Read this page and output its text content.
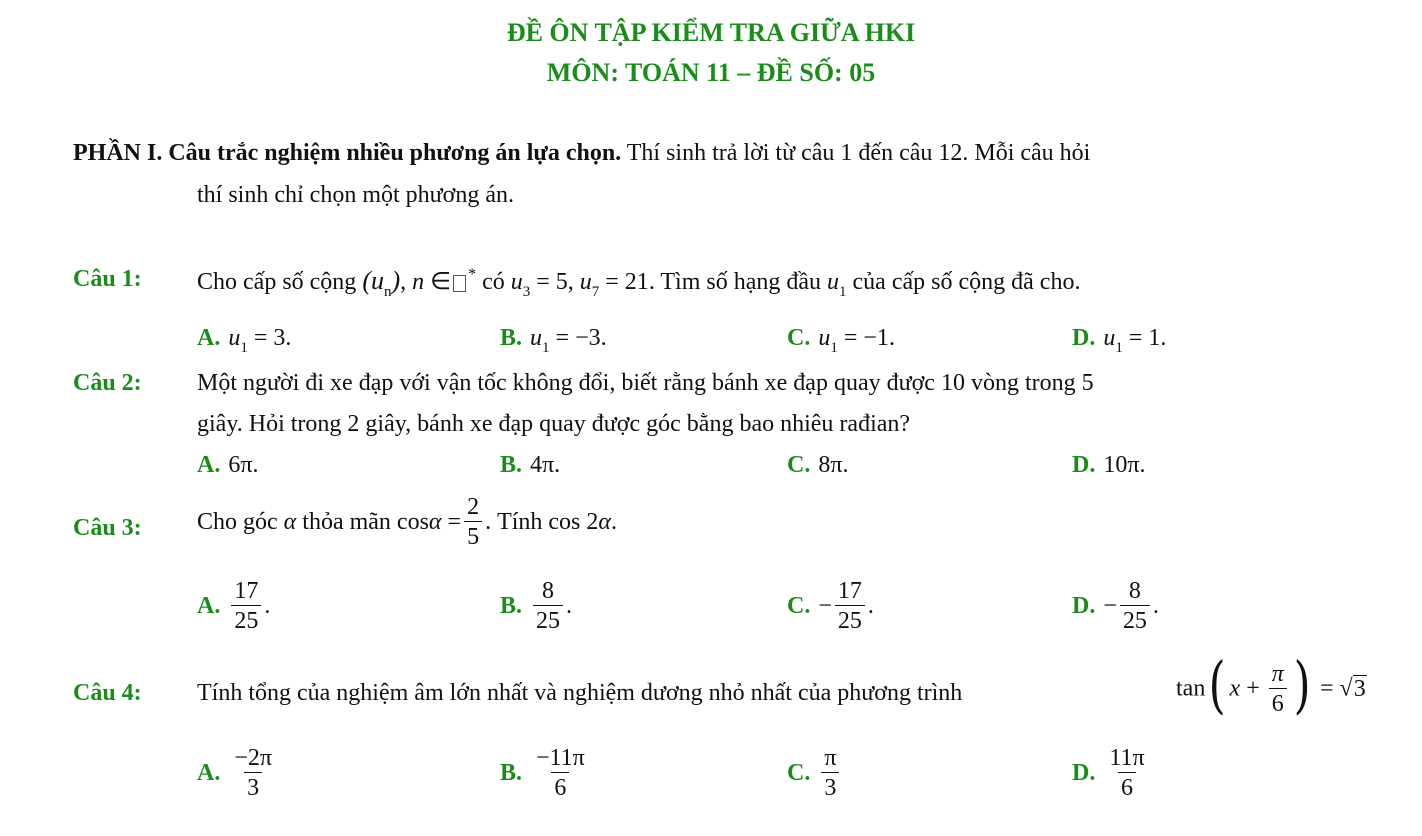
ĐỀ ÔN TẬP KIỂM TRA GIỮA HKI
MÔN: TOÁN 11 – ĐỀ SỐ: 05
PHẦN I. Câu trắc nghiệm nhiều phương án lựa chọn. Thí sinh trả lời từ câu 1 đến câu 12. Mỗi câu hỏi
thí sinh chỉ chọn một phương án.
Câu 1: Cho cấp số cộng $(u_n)$, n ∈ * có $u_3 = 5$, $u_7 = 21$. Tìm số hạng đầu $u_1$ của cấp số cộng đã cho.
A. $u_1 = 3$.	B. $u_1 = -3$.	C. $u_1 = -1$.	D. $u_1 = 1$.
Câu 2: Một người đi xe đạp với vận tốc không đổi, biết rằng bánh xe đạp quay được 10 vòng trong 5
giây. Hỏi trong 2 giây, bánh xe đạp quay được góc bằng bao nhiêu rađian?
A. 6π.	B. 4π.	C. 8π.	D. 10π.
Câu 3: Cho góc α thỏa mãn $\cos\alpha = \frac{2}{5}$ . Tính cos 2α.
A. $\frac{17}{25}$ .	B. $\frac{8}{25}$ .	C. − $\frac{17}{25}$ .	D. − $\frac{8}{25}$ .
Câu 4: Tính tổng của nghiệm âm lớn nhất và nghiệm dương nhỏ nhất của phương trình	tan( $x + \frac{\pi}{6}$ ) = √3
A. $\frac{-2\pi}{3}$	B. $\frac{-11\pi}{6}$	C. $\frac{\pi}{3}$	D. $\frac{11\pi}{6}$
